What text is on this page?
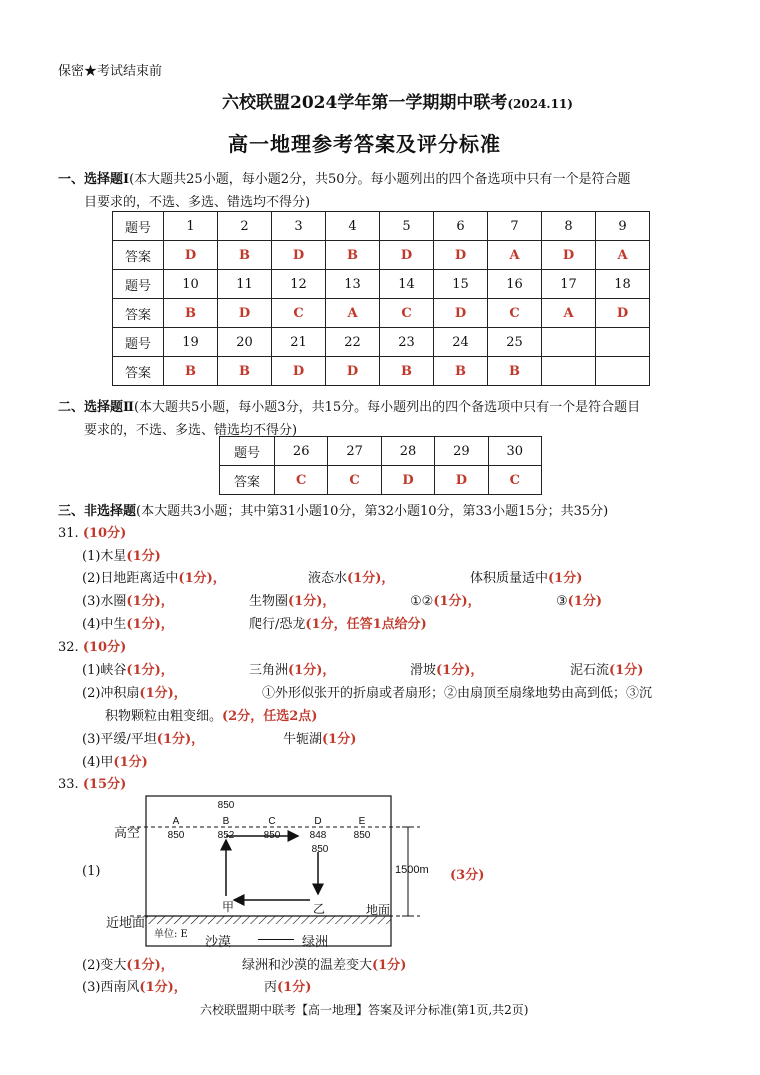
保密★考试结束前
六校联盟2024学年第一学期期中联考(2024.11)
高一地理参考答案及评分标准
一、选择题Ⅰ(本大题共25小题，每小题2分，共50分。每小题列出的四个备选项中只有一个是符合题
目要求的，不选、多选、错选均不得分)
题号	1	2	3	4	5	6	7	8	9
答案	D	B	D	B	D	D	A	D	A
题号	10	11	12	13	14	15	16	17	18
答案	B	D	C	A	C	D	C	A	D
题号	19	20	21	22	23	24	25		
答案	B	B	D	D	B	B	B		
二、选择题Ⅱ(本大题共5小题，每小题3分，共15分。每小题列出的四个备选项中只有一个是符合题目
要求的，不选、多选、错选均不得分)
题号	26	27	28	29	30
答案	C	C	D	D	C
三、非选择题(本大题共3小题；其中第31小题10分，第32小题10分，第33小题15分；共35分)
31. (10分)
(1)木星(1分)
(2)日地距离适中(1分)，	液态水(1分)，	体积质量适中(1分)
(3)水圈(1分)，	生物圈(1分)，	①②(1分)，	③(1分)
(4)中生(1分)，	爬行/恐龙(1分，任答1点给分)
32. (10分)
(1)峡谷(1分)，	三角洲(1分)，	滑坡(1分)，	泥石流(1分)
(2)冲积扇(1分)，	①外形似张开的折扇或者扇形；②由扇顶至扇缘地势由高到低；③沉
积物颗粒由粗变细。(2分，任选2点)
(3)平缓/平坦(1分)，	牛轭湖(1分)
(4)甲(1分)
33. (15分)
(1)	(3分)
A
850
B
852
C
850
D
848
E
850
850
850
高空
近地面
地面
1500m
甲	乙
单位: E
沙漠	绿洲
(2)变大(1分)，	绿洲和沙漠的温差变大(1分)
(3)西南风(1分)，	丙(1分)
六校联盟期中联考【高一地理】答案及评分标准(第1页,共2页)
